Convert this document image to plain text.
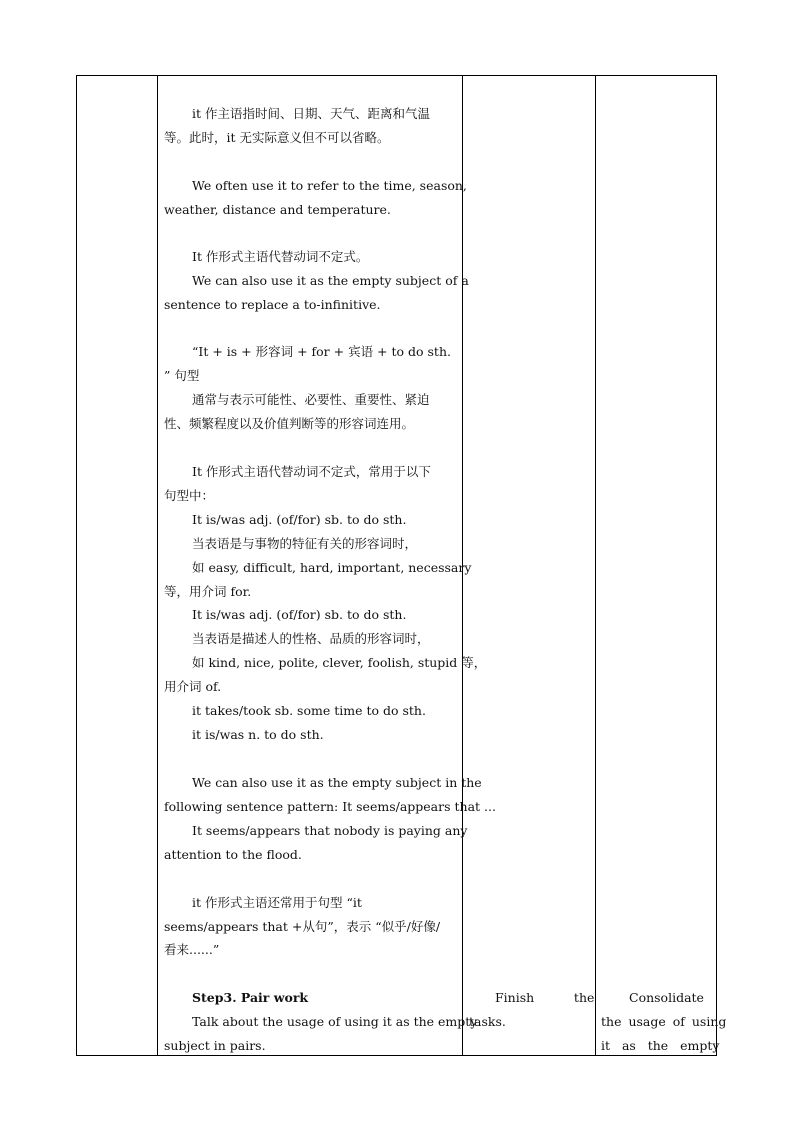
it 作主语指时间、日期、天气、距离和气温
等。此时，it 无实际意义但不可以省略。
We often use it to refer to the time, season,
weather, distance and temperature.
It 作形式主语代替动词不定式。
We can also use it as the empty subject of a
sentence to replace a to-infinitive.
“It + is + 形容词 + for + 宾语 + to do sth.
” 句型
通常与表示可能性、必要性、重要性、紧迫
性、频繁程度以及价值判断等的形容词连用。
It 作形式主语代替动词不定式，常用于以下
句型中：
It is/was adj. (of/for) sb. to do sth.
当表语是与事物的特征有关的形容词时，
如 easy, difficult, hard, important, necessary
等，用介词 for.
It is/was adj. (of/for) sb. to do sth.
当表语是描述人的性格、品质的形容词时，
如 kind, nice, polite, clever, foolish, stupid 等，
用介词 of.
it takes/took sb. some time to do sth.
it is/was n. to do sth.
We can also use it as the empty subject in the
following sentence pattern: It seems/appears that ...
It seems/appears that nobody is paying any
attention to the flood.
it 作形式主语还常用于句型 “it
seems/appears that +从句”，表示 “似乎/好像/
看来......”
Step3. Pair work
Talk about the usage of using it as the empty
subject in pairs.
Finish          the
tasks.
Consolidate
the usage of using
it   as   the   empty
